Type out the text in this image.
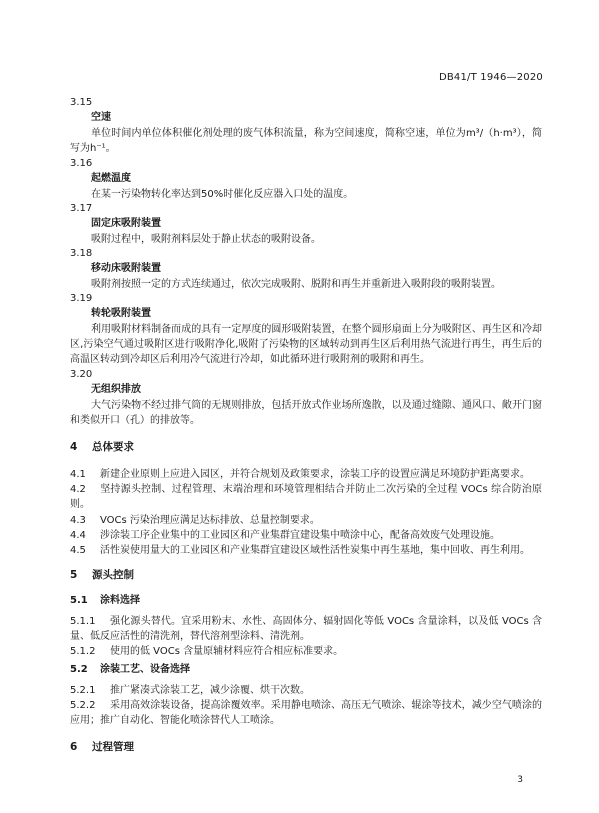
DB41/T 1946—2020
3.15
空速
单位时间内单位体积催化剂处理的废气体积流量，称为空间速度，简称空速，单位为m³/（h·m³），简写为h⁻¹。
3.16
起燃温度
在某一污染物转化率达到50%时催化反应器入口处的温度。
3.17
固定床吸附装置
吸附过程中，吸附剂料层处于静止状态的吸附设备。
3.18
移动床吸附装置
吸附剂按照一定的方式连续通过，依次完成吸附、脱附和再生并重新进入吸附段的吸附装置。
3.19
转轮吸附装置
利用吸附材料制备而成的具有一定厚度的圆形吸附装置，在整个圆形扇面上分为吸附区、再生区和冷却区,污染空气通过吸附区进行吸附净化,吸附了污染物的区域转动到再生区后利用热气流进行再生，再生后的高温区转动到冷却区后利用冷气流进行冷却，如此循环进行吸附剂的吸附和再生。
3.20
无组织排放
大气污染物不经过排气筒的无规则排放，包括开放式作业场所逸散，以及通过缝隙、通风口、敞开门窗和类似开口（孔）的排放等。
4 总体要求
4.1 新建企业原则上应进入园区，并符合规划及政策要求，涂装工序的设置应满足环境防护距离要求。
4.2 坚持源头控制、过程管理、末端治理和环境管理相结合并防止二次污染的全过程 VOCs 综合防治原则。
4.3 VOCs 污染治理应满足达标排放、总量控制要求。
4.4 涉涂装工序企业集中的工业园区和产业集群宜建设集中喷涂中心，配备高效废气处理设施。
4.5 活性炭使用量大的工业园区和产业集群宜建设区域性活性炭集中再生基地，集中回收、再生利用。
5 源头控制
5.1 涂料选择
5.1.1 强化源头替代。宜采用粉末、水性、高固体分、辐射固化等低 VOCs 含量涂料，以及低 VOCs 含量、低反应活性的清洗剂，替代溶剂型涂料、清洗剂。
5.1.2 使用的低 VOCs 含量原辅材料应符合相应标准要求。
5.2 涂装工艺、设备选择
5.2.1 推广紧凑式涂装工艺，减少涂覆、烘干次数。
5.2.2 采用高效涂装设备，提高涂覆效率。采用静电喷涂、高压无气喷涂、辊涂等技术，减少空气喷涂的应用；推广自动化、智能化喷涂替代人工喷涂。
6 过程管理
3
